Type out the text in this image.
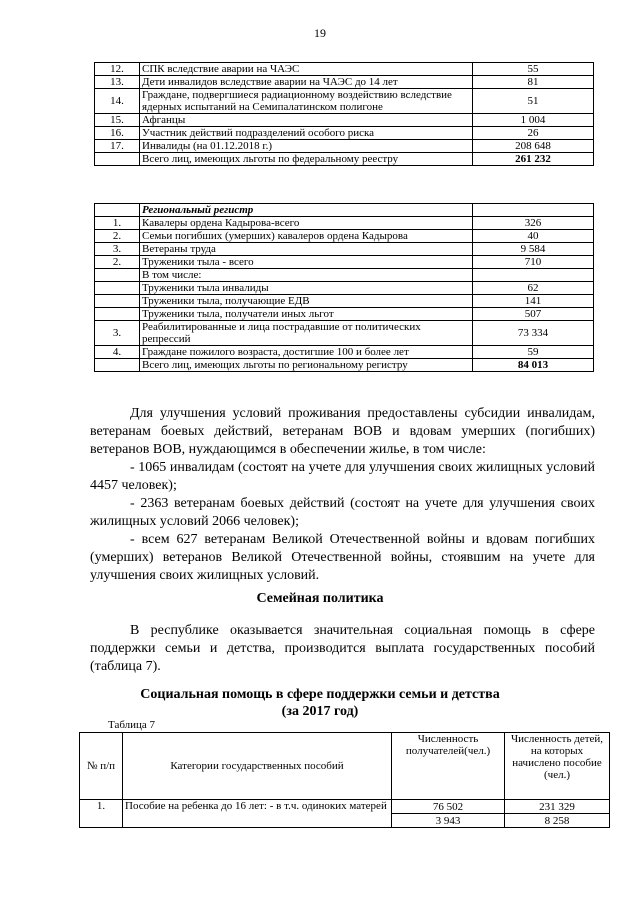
19
12.	СПК вследствие аварии на ЧАЭС	55
13.	Дети инвалидов вследствие аварии на ЧАЭС до 14 лет	81
14.	Граждане, подвергшиеся радиационному воздействию вследствие ядерных испытаний на Семипалатинском полигоне	51
15.	Афганцы	1 004
16.	Участник действий подразделений особого риска	26
17.	Инвалиды (на 01.12.2018 г.)	208 648
	Всего лиц, имеющих льготы по федеральному реестру	261 232
	Региональный регистр	
1.	Кавалеры ордена Кадырова-всего	326
2.	Семьи погибших (умерших) кавалеров ордена Кадырова	40
3.	Ветераны труда	9 584
2.	Труженики тыла - всего	710
	В том числе:	
	Труженики тыла инвалиды	62
	Труженики тыла, получающие ЕДВ	141
	Труженики тыла, получатели иных льгот	507
3.	Реабилитированные и лица пострадавшие от политических репрессий	73 334
4.	Граждане пожилого возраста, достигшие 100 и более лет	59
	Всего лиц, имеющих льготы по региональному регистру	84 013

Для улучшения условий проживания предоставлены субсидии инвалидам, ветеранам боевых действий, ветеранам ВОВ и вдовам умерших (погибших) ветеранов ВОВ, нуждающимся в обеспечении жилье, в том числе:

- 1065 инвалидам (состоят на учете для улучшения своих жилищных условий 4457 человек);

- 2363 ветеранам боевых действий (состоят на учете для улучшения своих жилищных условий 2066 человек);

- всем 627 ветеранам Великой Отечественной войны и вдовам погибших (умерших) ветеранов Великой Отечественной войны, стоявшим на учете для улучшения своих жилищных условий.

Семейная политика

В республике оказывается значительная социальная помощь в сфере поддержки семьи и детства, производится выплата государственных пособий (таблица 7).

Социальная помощь в сфере поддержки семьи и детства

(за 2017 год)

Таблица 7
№ п/п	Категории государственных пособий	Численность получателей(чел.)	Численность детей, на которых начислено пособие (чел.)
1.	Пособие на ребенка до 16 лет: - в т.ч. одиноких матерей	76 502	231 329
		3 943	8 258
